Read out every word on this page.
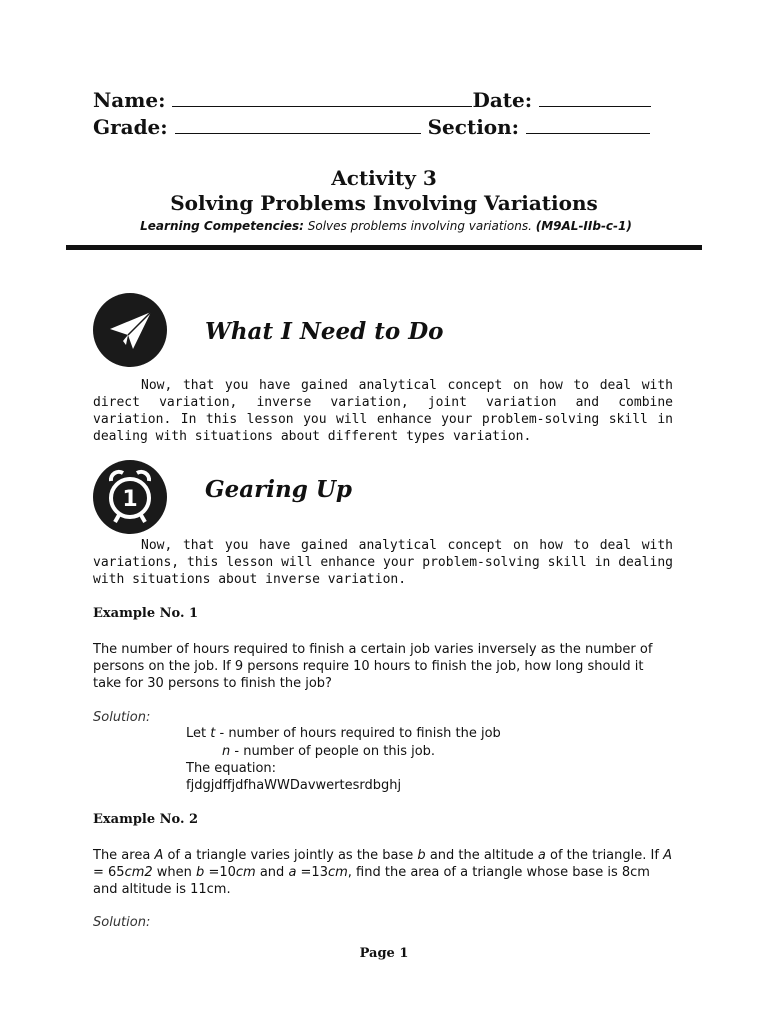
Name:	Date:
Grade:	Section:
Activity 3
Solving Problems Involving Variations
Learning Competencies: Solves problems involving variations. (M9AL-IIb-c-1)
What I Need to Do

Now, that you have gained analytical concept on how to deal with direct variation, inverse variation, joint variation and combine variation. In this lesson you will enhance your problem-solving skill in dealing with situations about different types variation.

1	Gearing Up

Now, that you have gained analytical concept on how to deal with variations, this lesson will enhance your problem-solving skill in dealing with situations about inverse variation.

Example No. 1
The number of hours required to finish a certain job varies inversely as the number of persons on the job. If 9 persons require 10 hours to finish the job, how long should it take for 30 persons to finish the job?
Solution:
Let t - number of hours required to finish the job
n - number of people on this job.
The equation:
fjdgjdffjdfhaWWDavwertesrdbghj
Example No. 2
The area A of a triangle varies jointly as the base b and the altitude a of the triangle. If A = 65cm2 when b =10cm and a =13cm, find the area of a triangle whose base is 8cm and altitude is 11cm.
Solution:
Page 1
